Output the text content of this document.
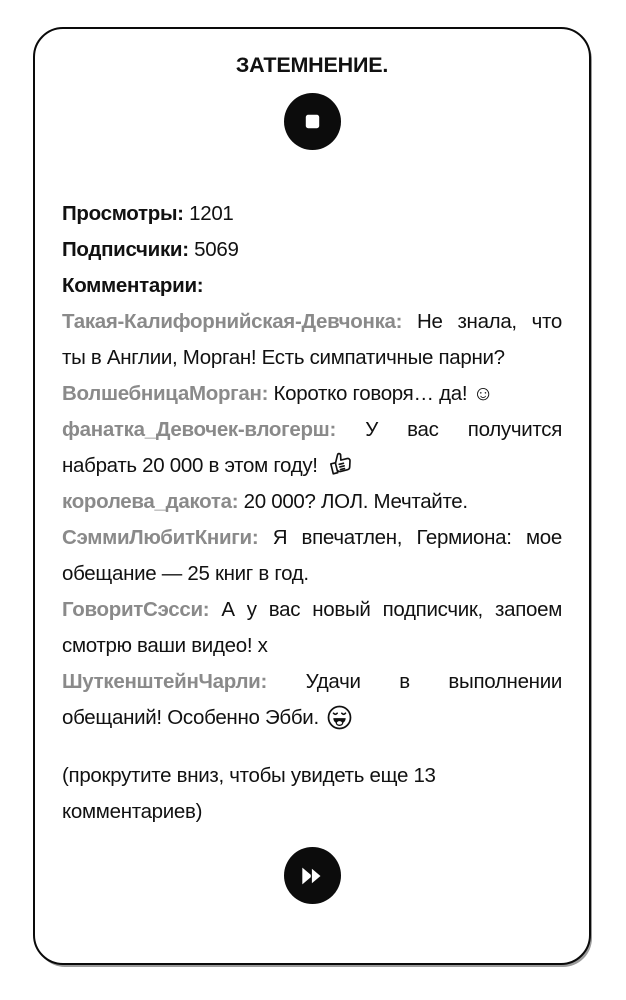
ЗАТЕМНЕНИЕ.

Просмотры: 1201

Подписчики: 5069

Комментарии:

Такая-Калифорнийская-Девчонка: Не знала, что ты в Англии, Морган! Есть симпатичные парни?

ВолшебницаМорган: Коротко говоря… да! ☺

фанатка_Девочек-влогерш: У вас получится набрать 20 000 в этом году!

королева_дакота: 20 000? ЛОЛ. Мечтайте.

СэммиЛюбитКниги: Я впечатлен, Гермиона: мое обещание — 25 книг в год.

ГоворитСэсси: А у вас новый подписчик, запоем смотрю ваши видео! х

ШуткенштейнЧарли: Удачи в выполнении обещаний! Особенно Эбби.

(прокрутите вниз, чтобы увидеть еще 13 комментариев)
